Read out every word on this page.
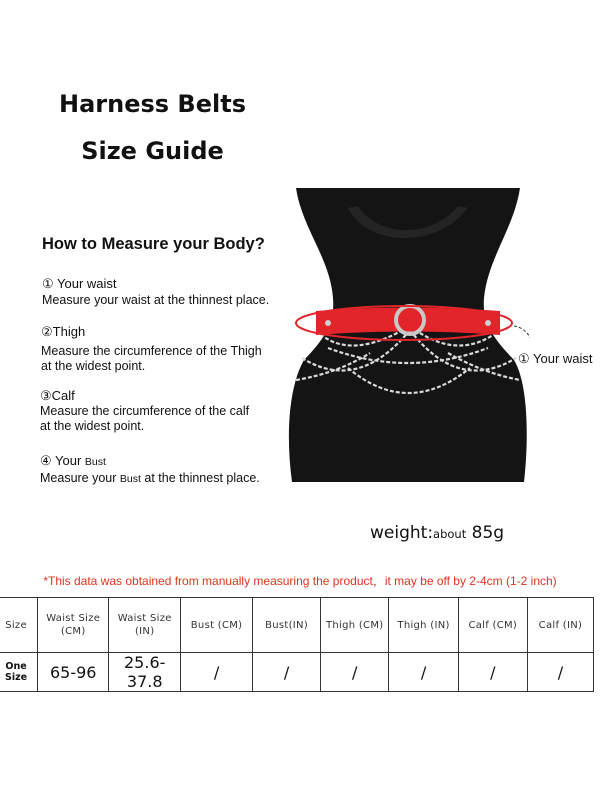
Harness Belts
Size Guide
How to Measure your Body?
① Your waist
Measure your waist at the thinnest place.
②Thigh
Measure the circumference of the Thigh
at the widest point.
③Calf
Measure the circumference of the calf
at the widest point.
④ Your Bust
Measure your Bust at the thinnest place.
① Your waist
weight:about 85g
*This data was obtained from manually measuring the product，it may be off by 2-4cm (1-2 inch)
Size	Waist Size (CM)	Waist Size (IN)	Bust (CM)	Bust(IN)	Thigh (CM)	Thigh (IN)	Calf (CM)	Calf (IN)
One Size	65-96	25.6-37.8	/	/	/	/	/	/
